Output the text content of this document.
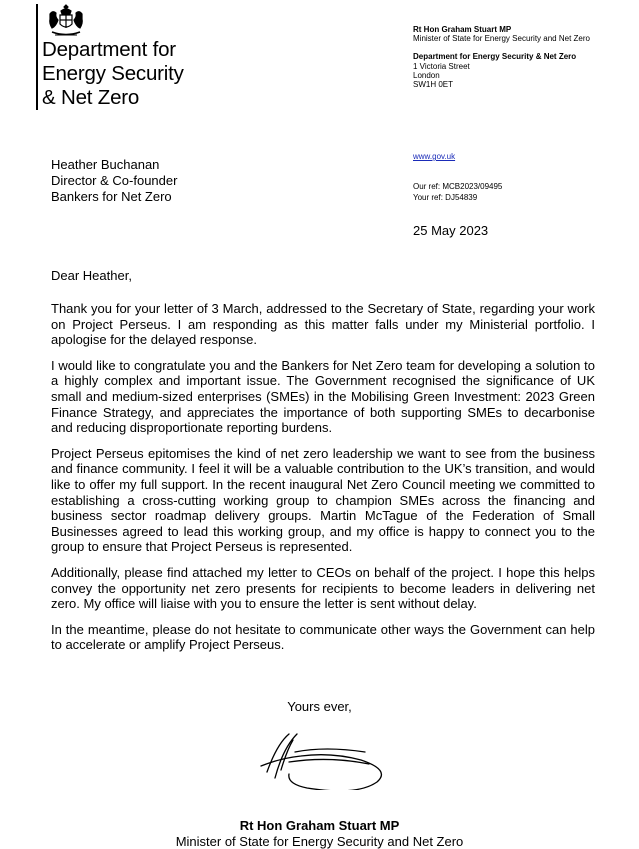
Department for
Energy Security
& Net Zero
Rt Hon Graham Stuart MP
Minister of State for Energy Security and Net Zero
Department for Energy Security & Net Zero
1 Victoria Street
London
SW1H 0ET
www.gov.uk
Our ref: MCB2023/09495
Your ref: DJ54839
25 May 2023
Heather Buchanan
Director & Co-founder
Bankers for Net Zero
Dear Heather,

Thank you for your letter of 3 March, addressed to the Secretary of State, regarding your work on Project Perseus. I am responding as this matter falls under my Ministerial portfolio. I apologise for the delayed response.

I would like to congratulate you and the Bankers for Net Zero team for developing a solution to a highly complex and important issue. The Government recognised the significance of UK small and medium-sized enterprises (SMEs) in the Mobilising Green Investment: 2023 Green Finance Strategy, and appreciates the importance of both supporting SMEs to decarbonise and reducing disproportionate reporting burdens.

Project Perseus epitomises the kind of net zero leadership we want to see from the business and finance community. I feel it will be a valuable contribution to the UK’s transition, and would like to offer my full support. In the recent inaugural Net Zero Council meeting we committed to establishing a cross-cutting working group to champion SMEs across the financing and business sector roadmap delivery groups. Martin McTague of the Federation of Small Businesses agreed to lead this working group, and my office is happy to connect you to the group to ensure that Project Perseus is represented.

Additionally, please find attached my letter to CEOs on behalf of the project. I hope this helps convey the opportunity net zero presents for recipients to become leaders in delivering net zero. My office will liaise with you to ensure the letter is sent without delay.

In the meantime, please do not hesitate to communicate other ways the Government can help to accelerate or amplify Project Perseus.

Yours ever,
Rt Hon Graham Stuart MP
Minister of State for Energy Security and Net Zero
